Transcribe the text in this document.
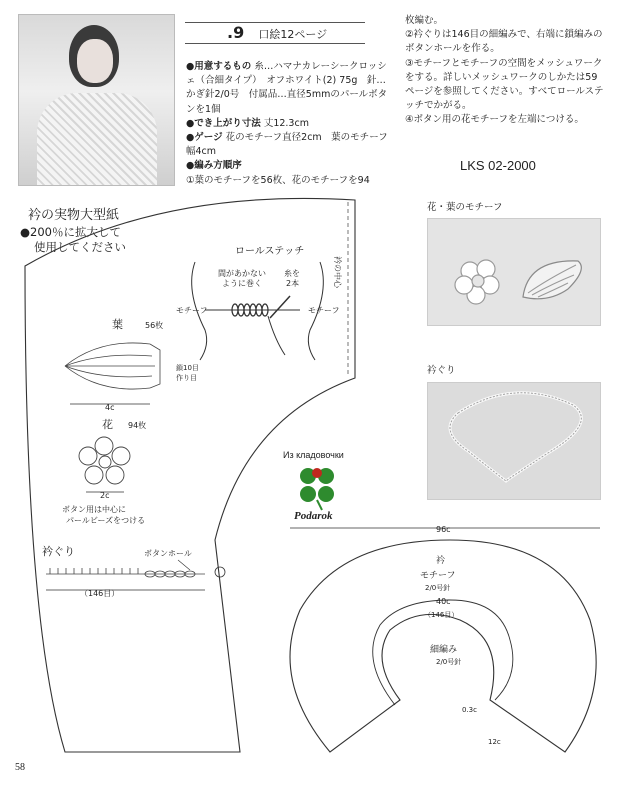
.9 口絵12ページ

●用意するもの 糸…ハマナカレーシークロッシェ（合細タイプ）　オフホワイト(2) 75g　針…かぎ針2/0号　付属品…直径5mmのパールボタンを1個

●でき上がり寸法 丈12.3cm

●ゲージ 花のモチーフ直径2cm　葉のモチーフ幅4cm

●編み方順序

①葉のモチーフを56枚、花のモチーフを94

枚編む。

②衿ぐりは146目の細編みで、右端に鎖編みのボタンホールを作る。

③モチーフとモチーフの空間をメッシュワークをする。詳しいメッシュワークのしかたは59ページを参照してください。すべてロールステッチでかがる。

④ボタン用の花モチーフを左端につける。

LKS 02-2000
花・葉のモチーフ
衿ぐり
衿の実物大型紙
●200％に拡大して
使用してください	ロールステッチ
間があかない
ように巻く
糸を
2本
モチーフ	モチーフ
衿の中心
葉	56枚
鎖10目
作り目
4c
花 94枚
2c
ボタン用は中心に
パールビーズをつける
衿ぐり	ボタンホール
（146目）
96c
衿
モチーフ
2/0号針
40c
（146目）
細編み
2/0号針
0.3c
12c
Из кладовочки
Podarok
58
